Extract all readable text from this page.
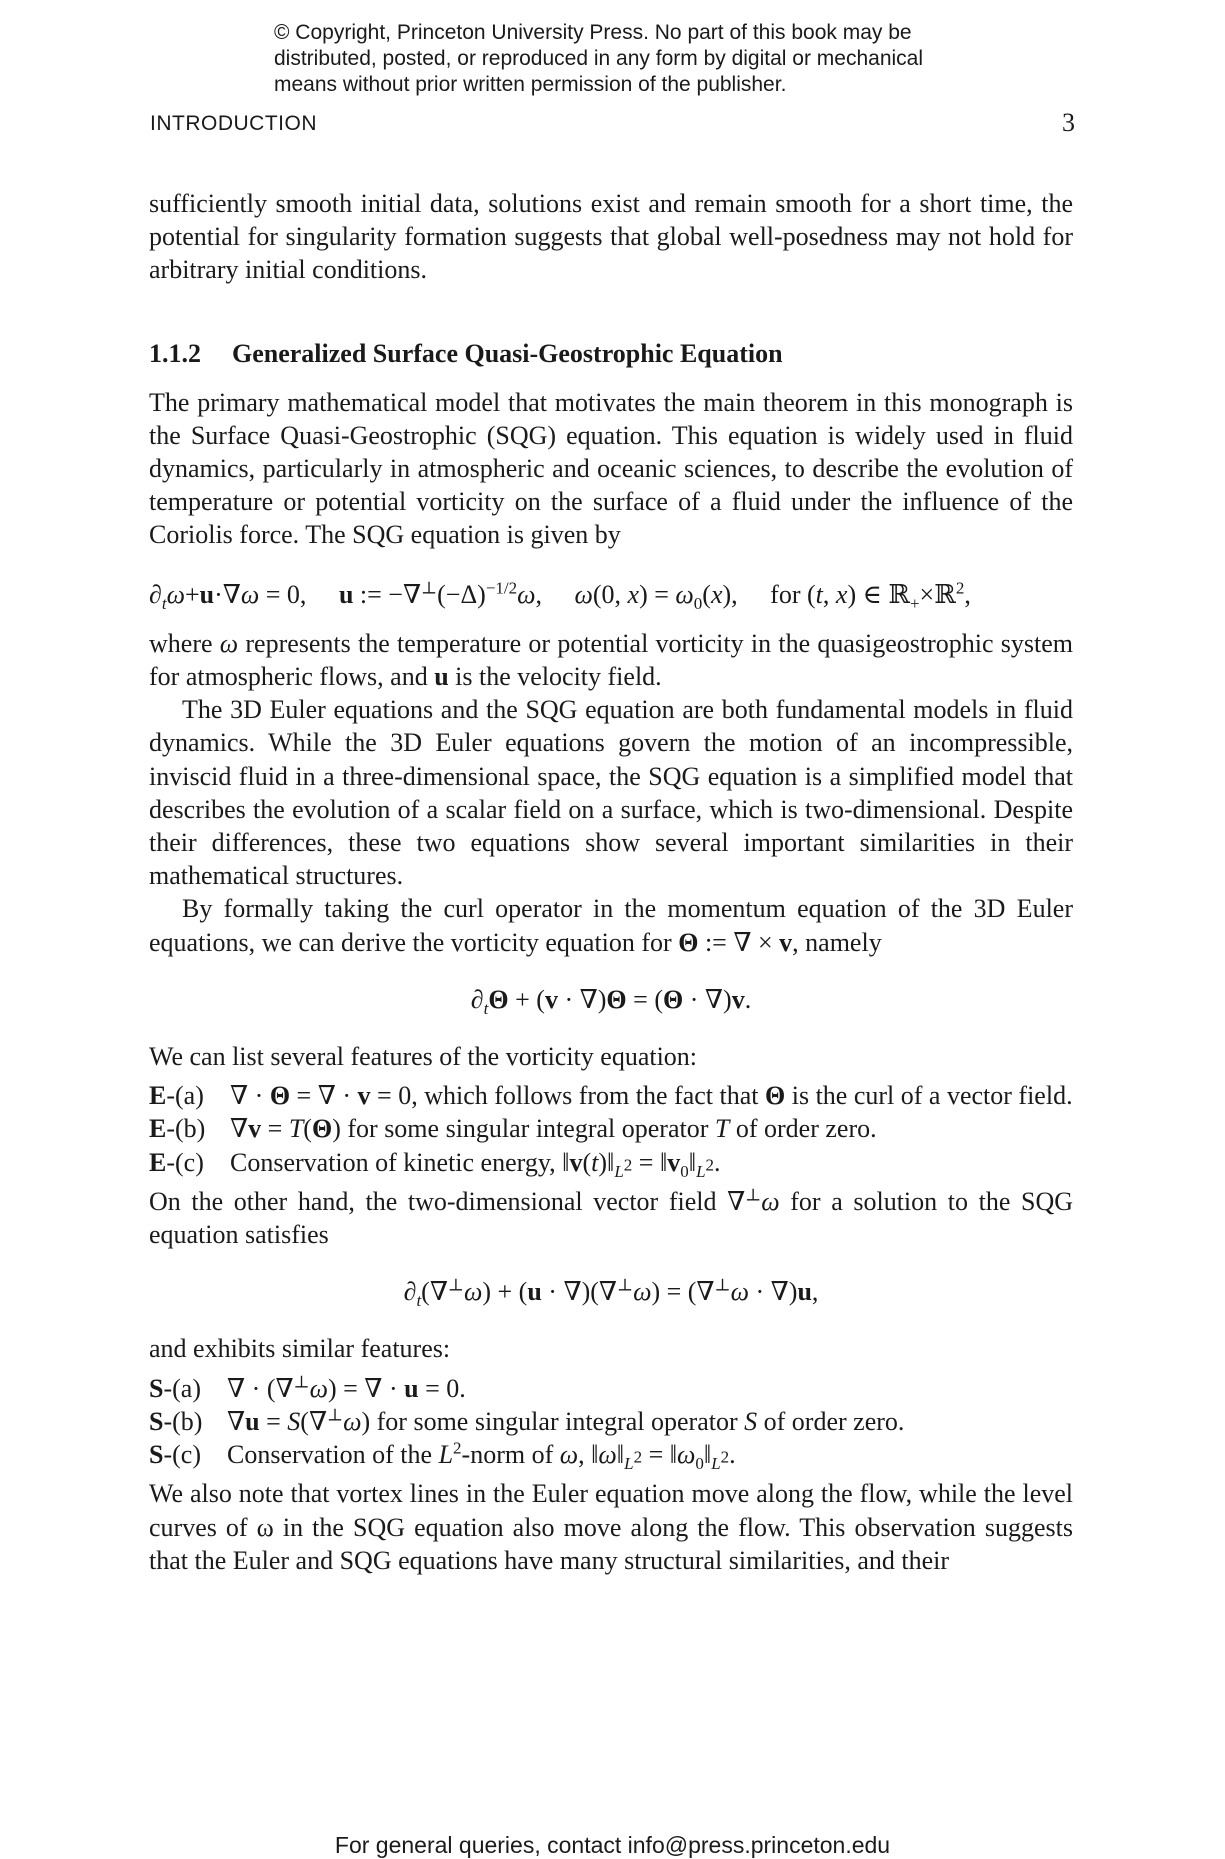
© Copyright, Princeton University Press. No part of this book may be
distributed, posted, or reproduced in any form by digital or mechanical
means without prior written permission of the publisher.
INTRODUCTION	3

sufficiently smooth initial data, solutions exist and remain smooth for a short time, the potential for singularity formation suggests that global well-posedness may not hold for arbitrary initial conditions.

1.1.2 Generalized Surface Quasi-Geostrophic Equation

The primary mathematical model that motivates the main theorem in this monograph is the Surface Quasi-Geostrophic (SQG) equation. This equation is widely used in fluid dynamics, particularly in atmospheric and oceanic sciences, to describe the evolution of temperature or potential vorticity on the surface of a fluid under the influence of the Coriolis force. The SQG equation is given by

$\partial_t\omega+u\cdot\nabla\omega = 0$,     u := $-\nabla^\perp(-\Delta)^{-1/2}\omega$,     ω(0, $x) = \omega_0(x)$,     for (t, x) ∈ ℝ$_+$×ℝ$^2$,

where ω represents the temperature or potential vorticity in the quasigeostrophic system for atmospheric flows, and u is the velocity field.

The 3D Euler equations and the SQG equation are both fundamental models in fluid dynamics. While the 3D Euler equations govern the motion of an incompressible, inviscid fluid in a three-dimensional space, the SQG equation is a simplified model that describes the evolution of a scalar field on a surface, which is two-dimensional. Despite their differences, these two equations show several important similarities in their mathematical structures.

By formally taking the curl operator in the momentum equation of the 3D Euler equations, we can derive the vorticity equation for Θ := ∇ × v, namely

$\partial_t\Theta + (v \cdot \nabla)\Theta = (\Theta \cdot \nabla)v$.

We can list several features of the vorticity equation:

E-(a)	∇ · Θ = ∇ · v = 0, which follows from the fact that Θ is the curl of a vector field.
E-(b) ∇v = T(Θ) for some singular integral operator T of order zero.
E-(c)	Conservation of kinetic energy, $‖v(t)‖_{L^2}$ = $‖v_0‖_{L^2}$.

On the other hand, the two-dimensional vector field ∇⊥ω for a solution to the SQG equation satisfies

$\partial_t(\nabla^\perp\omega) + (u \cdot \nabla)(\nabla^\perp\omega) = (\nabla^\perp\omega \cdot \nabla)u$,

and exhibits similar features:

S-(a)	∇ · (∇⊥ω) = ∇ · u = 0.
S-(b) ∇u = S(∇⊥ω) for some singular integral operator S of order zero.
S-(c)	Conservation of the $L^2$-norm of ω, $‖\omega‖_{L^2}$ = $‖\omega_0‖_{L^2}$.

We also note that vortex lines in the Euler equation move along the flow, while the level curves of ω in the SQG equation also move along the flow. This observation suggests that the Euler and SQG equations have many structural similarities, and their

For general queries, contact info@press.princeton.edu
